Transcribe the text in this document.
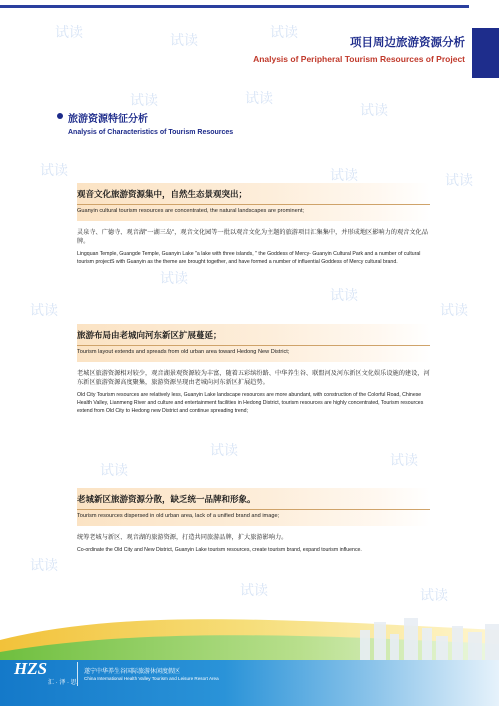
项目周边旅游资源分析
Analysis of Peripheral Tourism Resources of Project
旅游资源特征分析
Analysis of Characteristics of Tourism Resources
观音文化旅游资源集中，自然生态景观突出；
Guanyin cultural tourism resources are concentrated, the natural landscapes are prominent;
灵泉寺、广德寺、观音湖"一湖三岛"，观音文化园等一批以观音文化为主题的旅游项目汇集集中，并形成地区影响力的观音文化品牌。
Lingquan Temple, Guangde Temple, Guanyin Lake "a lake with three islands, " the Goddess of Mercy- Guanyin Cultural Park and a number of cultural tourism projectS with Guanyin as the theme are brought together, and have formed a number of influential Goddess of Mercy cultural brand.
旅游布局由老城向河东新区扩展蔓延；
Tourism layout extends and spreads from old urban area toward Hedong New District;
老城区旅游资源相对较少，观音湖景观资源较为丰富，随着五彩缤纷路、中华养生谷、联盟河及河东新区文化娱乐设施的建设，河东新区旅游资源高度聚集，旅游资源呈现由老城向河东新区扩展趋势。
Old City Tourism resources are relatively less, Guanyin Lake landscape resources are more abundant, with construction of the Colorful Road, Chinese Health Valley, Lianmeng River and culture and entertainment facilities in Hedong District, tourism resources are highly concentrated, Tourism resources extend from Old City to Hedong new District and continue spreading trend;
老城新区旅游资源分散，缺乏统一品牌和形象。
Tourism resources dispersed in old urban area, lack of a unified brand and image;
统筹老城与新区、观音湖的旅游资源，打造共同旅游品牌，扩大旅游影响力。
Co-ordinate the Old City and New District, Guanyin Lake tourism resources, create tourism brand, expand tourism influence.
试读	试读	试读
试读	试读
试读
试读	试读	试读
试读
试读
试读
试读
试读
试读
试读
试读
试读	试读
HZS
汇 · 泽 · 思
遂宁中华养生谷国际旅游休闲度假区
China International Health Valley Tourism and Leisure Resort Area
